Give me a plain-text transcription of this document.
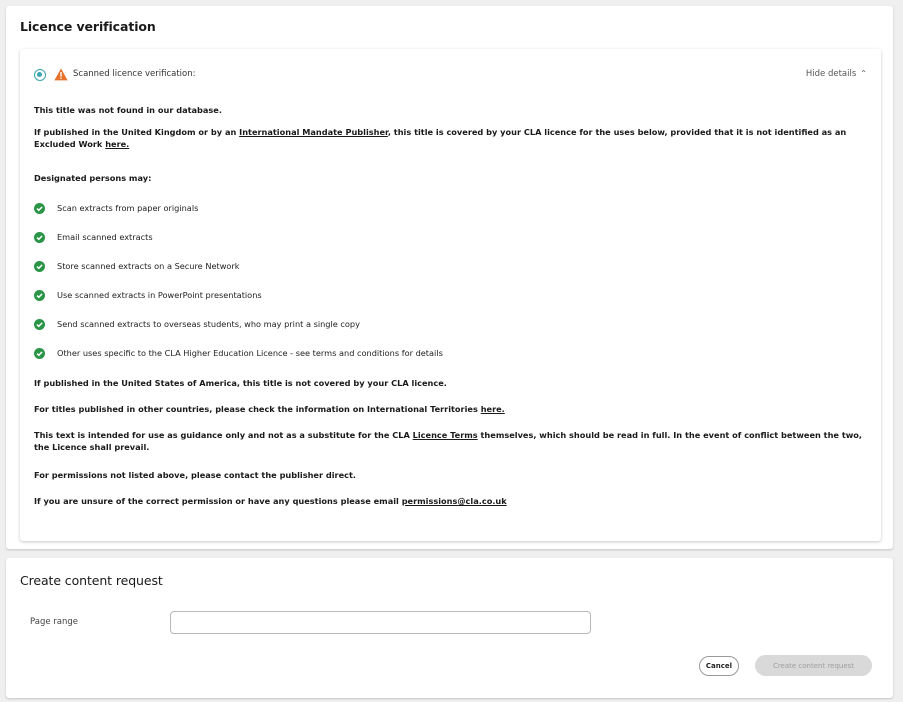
Licence verification
Scanned licence verification:	Hide details ⌃
This title was not found in our database.
If published in the United Kingdom or by an International Mandate Publisher, this title is covered by your CLA licence for the uses below, provided that it is not identified as an Excluded Work here.
Designated persons may:
Scan extracts from paper originals
Email scanned extracts
Store scanned extracts on a Secure Network
Use scanned extracts in PowerPoint presentations
Send scanned extracts to overseas students, who may print a single copy
Other uses specific to the CLA Higher Education Licence - see terms and conditions for details
If published in the United States of America, this title is not covered by your CLA licence.
For titles published in other countries, please check the information on International Territories here.
This text is intended for use as guidance only and not as a substitute for the CLA Licence Terms themselves, which should be read in full. In the event of conflict between the two, the Licence shall prevail.
For permissions not listed above, please contact the publisher direct.
If you are unsure of the correct permission or have any questions please email permissions@cla.co.uk
Create content request
Page range
Cancel	Create content request
